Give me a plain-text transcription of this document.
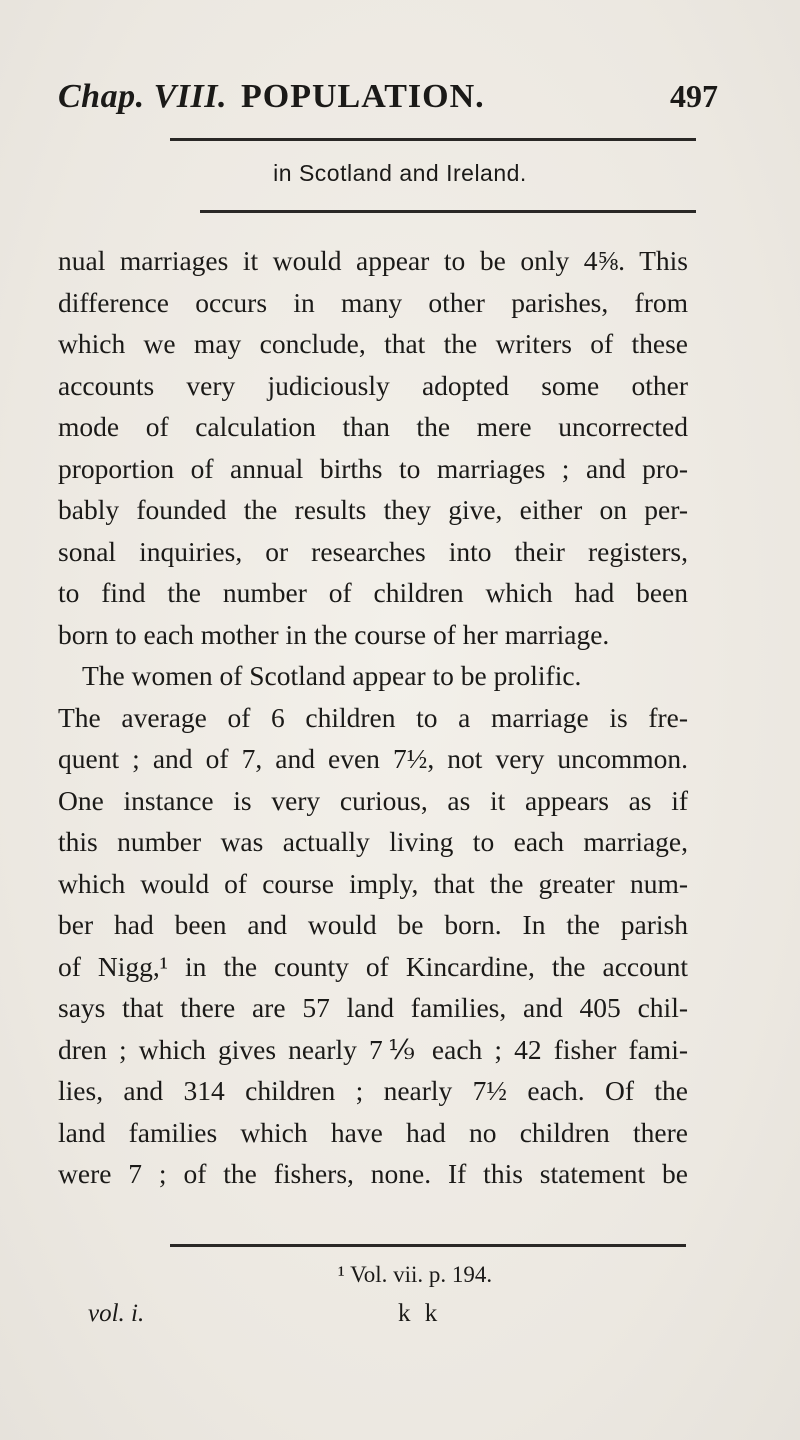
Chap. VIII. POPULATION.	497
in Scotland and Ireland.
nual marriages it would appear to be only 4⅝. This
difference occurs in many other parishes, from
which we may conclude, that the writers of these
accounts very judiciously adopted some other
mode of calculation than the mere uncorrected
proportion of annual births to marriages ; and pro-
bably founded the results they give, either on per-
sonal inquiries, or researches into their registers,
to find the number of children which had been
born to each mother in the course of her marriage.
The women of Scotland appear to be prolific.
The average of 6 children to a marriage is fre-
quent ; and of 7, and even 7½, not very uncommon.
One instance is very curious, as it appears as if
this number was actually living to each marriage,
which would of course imply, that the greater num-
ber had been and would be born. In the parish
of Nigg,¹ in the county of Kincardine, the account
says that there are 57 land families, and 405 chil-
dren ; which gives nearly 7⅑ each ; 42 fisher fami-
lies, and 314 children ; nearly 7½ each. Of the
land families which have had no children there
were 7 ; of the fishers, none. If this statement be
¹ Vol. vii. p. 194.
vol. i.	k k
